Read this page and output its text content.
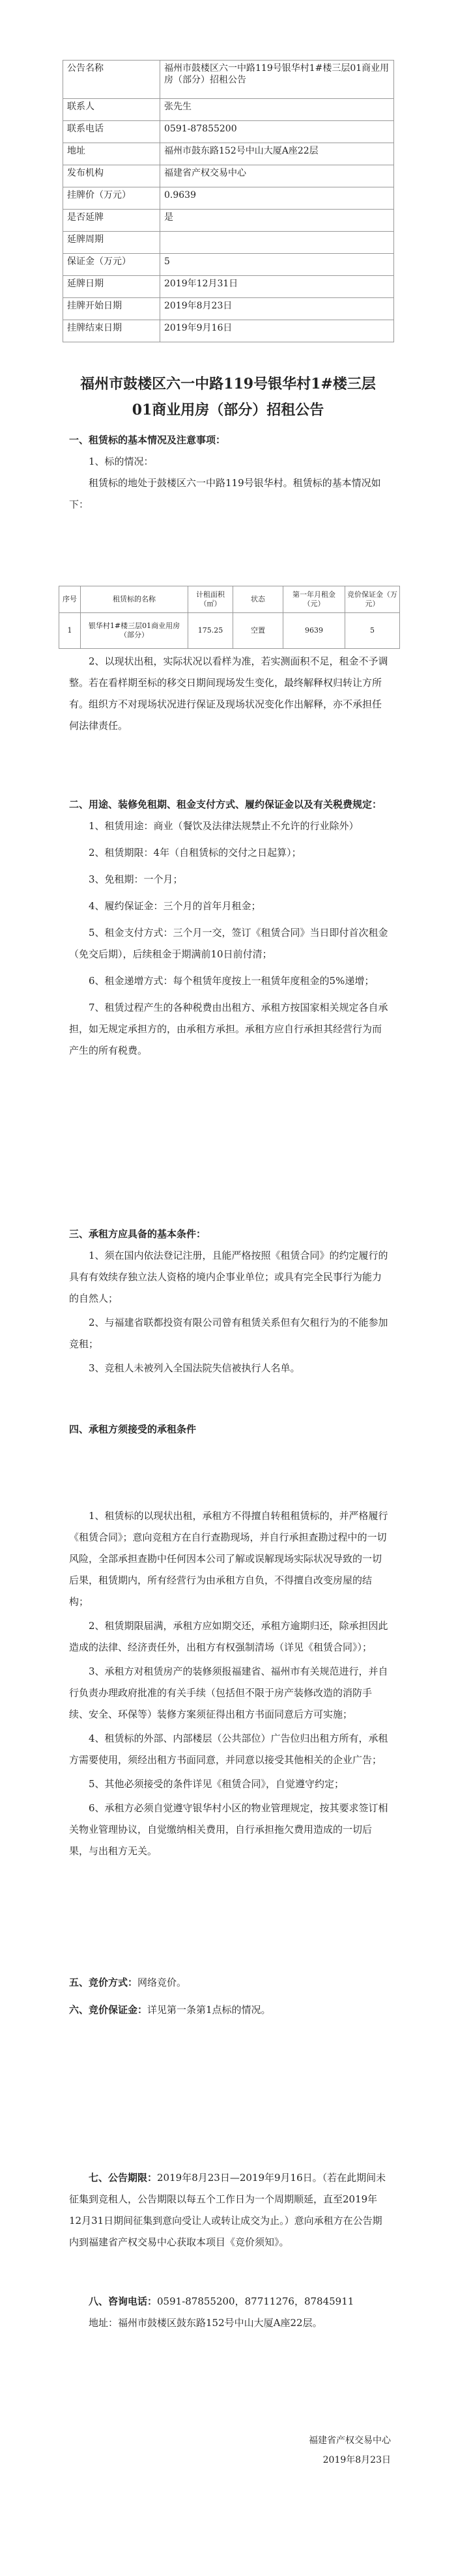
公告名称	福州市鼓楼区六一中路119号银华村1#楼三层01商业用房（部分）招租公告
联系人	张先生
联系电话	0591-87855200
地址	福州市鼓东路152号中山大厦A座22层
发布机构	福建省产权交易中心
挂牌价（万元）	0.9639
是否延牌	是
延牌周期	
保证金（万元）	5
延牌日期	2019年12月31日
挂牌开始日期	2019年8月23日
挂牌结束日期	2019年9月16日
福州市鼓楼区六一中路119号银华村1#楼三层01商业用房（部分）招租公告
一、租赁标的基本情况及注意事项：
1、标的情况：
租赁标的地处于鼓楼区六一中路119号银华村。租赁标的基本情况如下：
序号	租赁标的名称	计租面积（㎡）	状态	第一年月租金（元）	竞价保证金（万元）
1	银华村1#楼三层01商业用房（部分）	175.25	空置	9639	5
2、以现状出租，实际状况以看样为准，若实测面积不足，租金不予调整。若在看样期至标的移交日期间现场发生变化，最终解释权归转让方所有。组织方不对现场状况进行保证及现场状况变化作出解释，亦不承担任何法律责任。
二、用途、装修免租期、租金支付方式、履约保证金以及有关税费规定：
1、租赁用途：商业（餐饮及法律法规禁止不允许的行业除外）
2、租赁期限：4年（自租赁标的交付之日起算）；
3、免租期：一个月；
4、履约保证金：三个月的首年月租金；
5、租金支付方式：三个月一交，签订《租赁合同》当日即付首次租金（免交后期），后续租金于期满前10日前付清；
6、租金递增方式：每个租赁年度按上一租赁年度租金的5%递增；
7、租赁过程产生的各种税费由出租方、承租方按国家相关规定各自承担，如无规定承担方的，由承租方承担。承租方应自行承担其经营行为而产生的所有税费。
三、承租方应具备的基本条件：
1、须在国内依法登记注册，且能严格按照《租赁合同》的约定履行的具有有效续存独立法人资格的境内企事业单位；或具有完全民事行为能力的自然人；
2、与福建省联都投资有限公司曾有租赁关系但有欠租行为的不能参加竞租；
3、竞租人未被列入全国法院失信被执行人名单。
四、承租方须接受的承租条件
1、租赁标的以现状出租，承租方不得擅自转租租赁标的，并严格履行《租赁合同》；意向竞租方在自行查勘现场，并自行承担查勘过程中的一切风险，全部承担查勘中任何因本公司了解或误解现场实际状况导致的一切后果，租赁期内，所有经营行为由承租方自负，不得擅自改变房屋的结构；
2、租赁期限届满，承租方应如期交还，承租方逾期归还，除承担因此造成的法律、经济责任外，出租方有权强制清场（详见《租赁合同》）；
3、承租方对租赁房产的装修须报福建省、福州市有关规范进行，并自行负责办理政府批准的有关手续（包括但不限于房产装修改造的消防手续、安全、环保等）装修方案须征得出租方书面同意后方可实施；
4、租赁标的外部、内部楼层（公共部位）广告位归出租方所有，承租方需要使用，须经出租方书面同意，并同意以接受其他相关的企业广告；
5、其他必须接受的条件详见《租赁合同》，自觉遵守约定；
6、承租方必须自觉遵守银华村小区的物业管理规定，按其要求签订相关物业管理协议，自觉缴纳相关费用，自行承担拖欠费用造成的一切后果，与出租方无关。
五、竞价方式：网络竞价。
六、竞价保证金：详见第一条第1点标的情况。
七、公告期限：2019年8月23日—2019年9月16日。（若在此期间未征集到竞租人，公告期限以每五个工作日为一个周期顺延，直至2019年12月31日期间征集到意向受让人或转让成交为止。）意向承租方在公告期内到福建省产权交易中心获取本项目《竞价须知》。
八、咨询电话：0591-87855200，87711276，87845911
地址：福州市鼓楼区鼓东路152号中山大厦A座22层。
福建省产权交易中心
2019年8月23日
